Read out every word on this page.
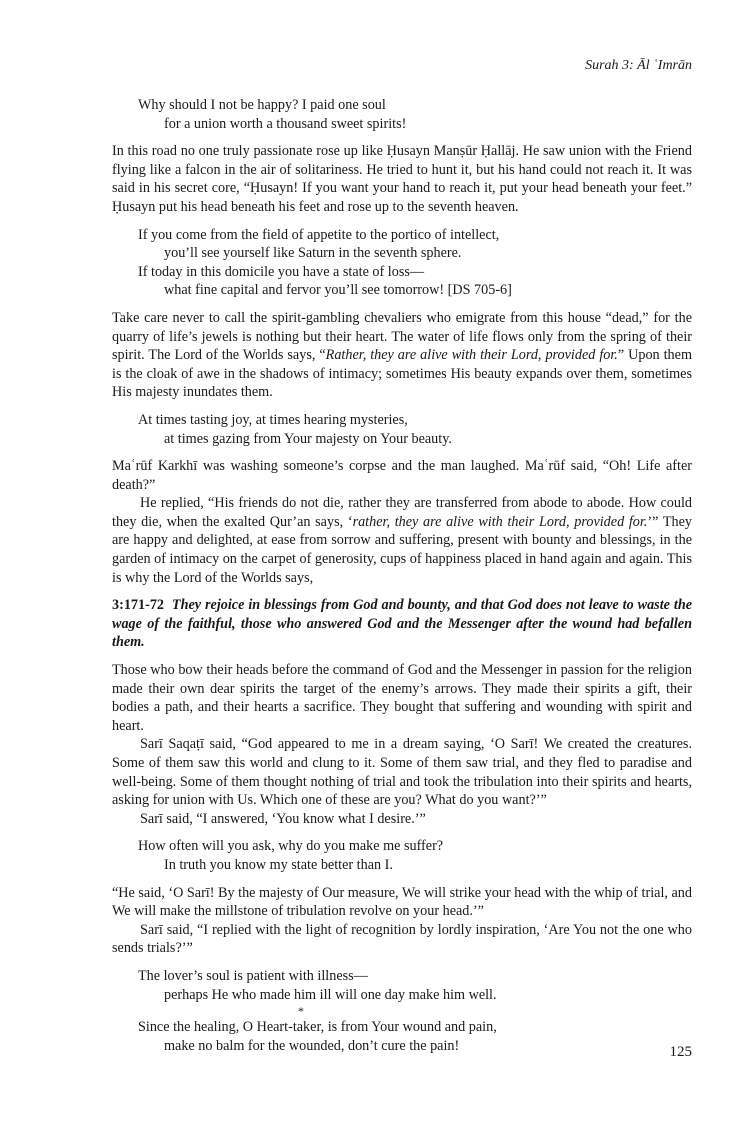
Surah 3: Āl ʿImrān
Why should I not be happy? I paid one soul
for a union worth a thousand sweet spirits!

In this road no one truly passionate rose up like Ḥusayn Manṣūr Ḥallāj. He saw union with the Friend flying like a falcon in the air of solitariness. He tried to hunt it, but his hand could not reach it. It was said in his secret core, “Ḥusayn! If you want your hand to reach it, put your head beneath your feet.” Ḥusayn put his head beneath his feet and rose up to the seventh heaven.

If you come from the field of appetite to the portico of intellect,
you’ll see yourself like Saturn in the seventh sphere.
If today in this domicile you have a state of loss—
what fine capital and fervor you’ll see tomorrow! [DS 705-6]

Take care never to call the spirit-gambling chevaliers who emigrate from this house “dead,” for the quarry of life’s jewels is nothing but their heart. The water of life flows only from the spring of their spirit. The Lord of the Worlds says, “Rather, they are alive with their Lord, provided for.” Upon them is the cloak of awe in the shadows of intimacy; sometimes His beauty expands over them, sometimes His majesty inundates them.

At times tasting joy, at times hearing mysteries,
at times gazing from Your majesty on Your beauty.

Maʿrūf Karkhī was washing someone’s corpse and the man laughed. Maʿrūf said, “Oh! Life after death?”

He replied, “His friends do not die, rather they are transferred from abode to abode. How could they die, when the exalted Qur’an says, ‘rather, they are alive with their Lord, provided for.’” They are happy and delighted, at ease from sorrow and suffering, present with bounty and blessings, in the garden of intimacy on the carpet of generosity, cups of happiness placed in hand again and again. This is why the Lord of the Worlds says,

3:171-72 They rejoice in blessings from God and bounty, and that God does not leave to waste the wage of the faithful, those who answered God and the Messenger after the wound had befallen them.

Those who bow their heads before the command of God and the Messenger in passion for the religion made their own dear spirits the target of the enemy’s arrows. They made their spirits a gift, their bodies a path, and their hearts a sacrifice. They bought that suffering and wounding with spirit and heart.

Sarī Saqaṭī said, “God appeared to me in a dream saying, ‘O Sarī! We created the creatures. Some of them saw this world and clung to it. Some of them saw trial, and they fled to paradise and well-being. Some of them thought nothing of trial and took the tribulation into their spirits and hearts, asking for union with Us. Which one of these are you? What do you want?’”

Sarī said, “I answered, ‘You know what I desire.’”

How often will you ask, why do you make me suffer?
In truth you know my state better than I.

“He said, ‘O Sarī! By the majesty of Our measure, We will strike your head with the whip of trial, and We will make the millstone of tribulation revolve on your head.’”

Sarī said, “I replied with the light of recognition by lordly inspiration, ‘Are You not the one who sends trials?’”

The lover’s soul is patient with illness—
perhaps He who made him ill will one day make him well.
*
Since the healing, O Heart-taker, is from Your wound and pain,
make no balm for the wounded, don’t cure the pain!	125
